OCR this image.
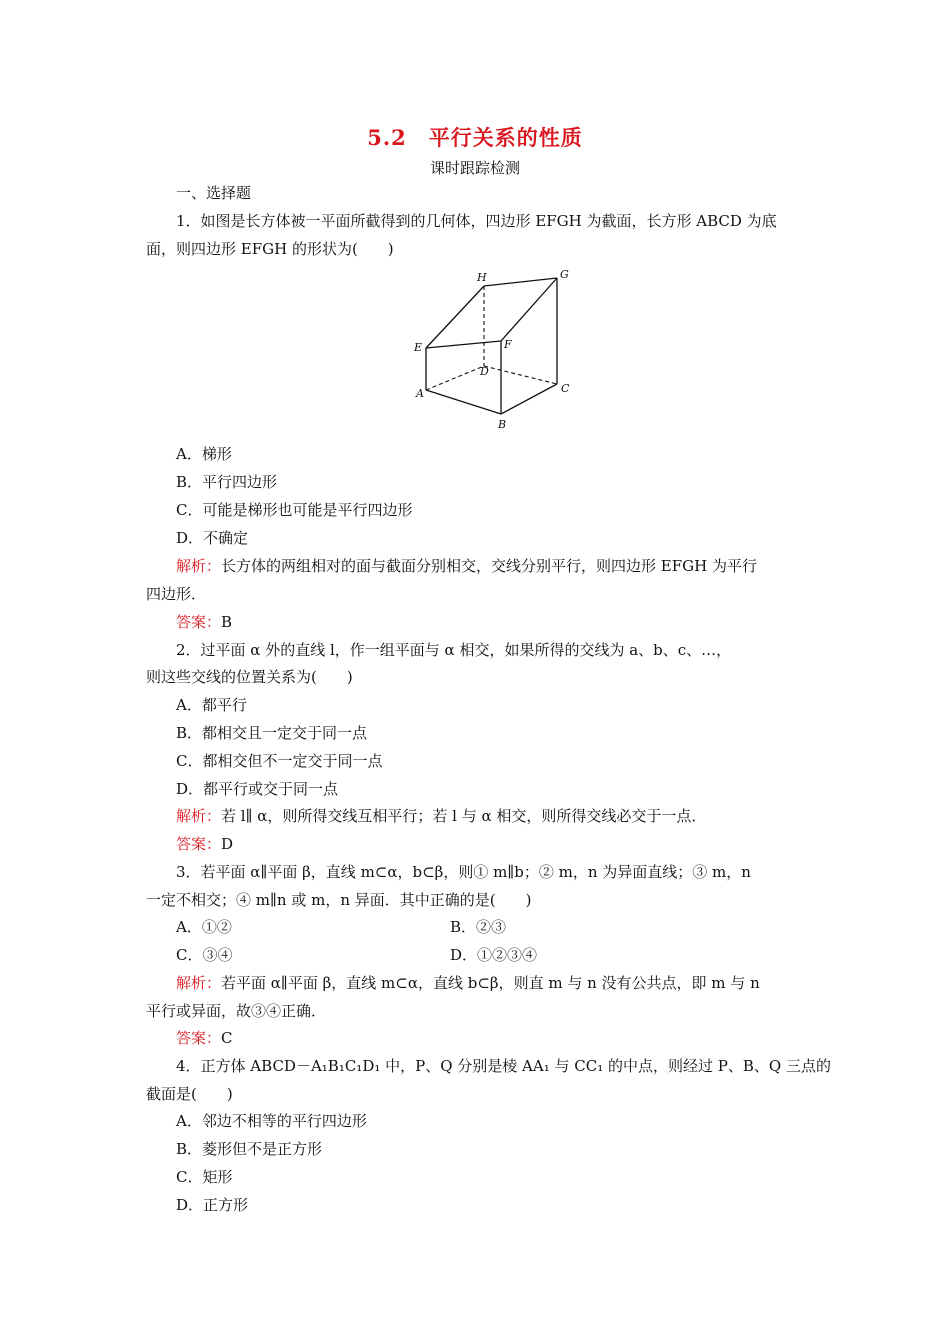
5.2 平行关系的性质
课时跟踪检测
一、选择题
1．如图是长方体被一平面所截得到的几何体，四边形 EFGH 为截面，长方形 ABCD 为底
面，则四边形 EFGH 的形状为(　　)
H	G
E	F
D
A	C
B
A．梯形
B．平行四边形
C．可能是梯形也可能是平行四边形
D．不确定
解析：长方体的两组相对的面与截面分别相交，交线分别平行，则四边形 EFGH 为平行
四边形．
答案：B
2．过平面 α 外的直线 l，作一组平面与 α 相交，如果所得的交线为 a、b、c、…，
则这些交线的位置关系为(　　)
A．都平行
B．都相交且一定交于同一点
C．都相交但不一定交于同一点
D．都平行或交于同一点
解析：若 l∥ α，则所得交线互相平行；若 l 与 α 相交，则所得交线必交于一点．
答案：D
3．若平面 α∥平面 β，直线 m⊂α，b⊂β，则① m∥b；② m，n 为异面直线；③ m，n
一定不相交；④ m∥n 或 m，n 异面．其中正确的是(　　)
A．①②	B．②③
C．③④	D．①②③④
解析：若平面 α∥平面 β，直线 m⊂α，直线 b⊂β，则直 m 与 n 没有公共点，即 m 与 n
平行或异面，故③④正确．
答案：C
4．正方体 ABCD－A₁B₁C₁D₁ 中，P、Q 分别是棱 AA₁ 与 CC₁ 的中点，则经过 P、B、Q 三点的
截面是(　　)
A．邻边不相等的平行四边形
B．菱形但不是正方形
C．矩形
D．正方形
